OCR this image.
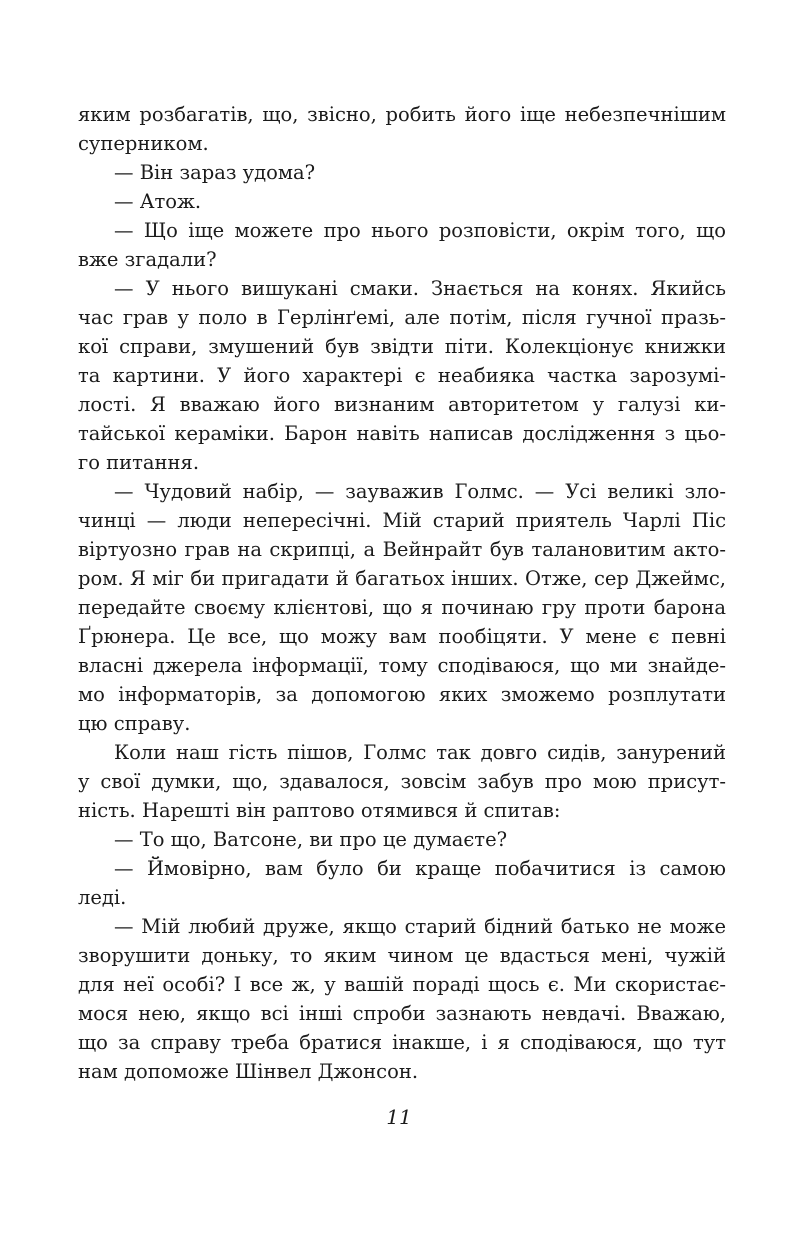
яким розбагатів, що, звісно, робить його іще небезпечнішим
суперником.
— Він зараз удома?
— Атож.
— Що іще можете про нього розповісти, окрім того, що
вже згадали?
— У нього вишукані смаки. Знається на конях. Якийсь
час грав у поло в Герлінґемі, але потім, після гучної празь-
кої справи, змушений був звідти піти. Колекціонує книжки
та картини. У його характері є неабияка частка зарозумі-
лості. Я вважаю його визнаним авторитетом у галузі ки-
тайської кераміки. Барон навіть написав дослідження з цьо-
го питання.
— Чудовий набір, — зауважив Голмс. — Усі великі зло-
чинці — люди непересічні. Мій старий приятель Чарлі Піс
віртуозно грав на скрипці, а Вейнрайт був талановитим акто-
ром. Я міг би пригадати й багатьох інших. Отже, сер Джеймс,
передайте своєму клієнтові, що я починаю гру проти барона
Ґрюнера. Це все, що можу вам пообіцяти. У мене є певні
власні джерела інформації, тому сподіваюся, що ми знайде-
мо інформаторів, за допомогою яких зможемо розплутати
цю справу.
Коли наш гість пішов, Голмс так довго сидів, занурений
у свої думки, що, здавалося, зовсім забув про мою присут-
ність. Нарешті він раптово отямився й спитав:
— То що, Ватсоне, ви про це думаєте?
— Ймовірно, вам було би краще побачитися із самою
леді.
— Мій любий друже, якщо старий бідний батько не може
зворушити доньку, то яким чином це вдасться мені, чужій
для неї особі? І все ж, у вашій пораді щось є. Ми скористає-
мося нею, якщо всі інші спроби зазнають невдачі. Вважаю,
що за справу треба братися інакше, і я сподіваюся, що тут
нам допоможе Шінвел Джонсон.
11
